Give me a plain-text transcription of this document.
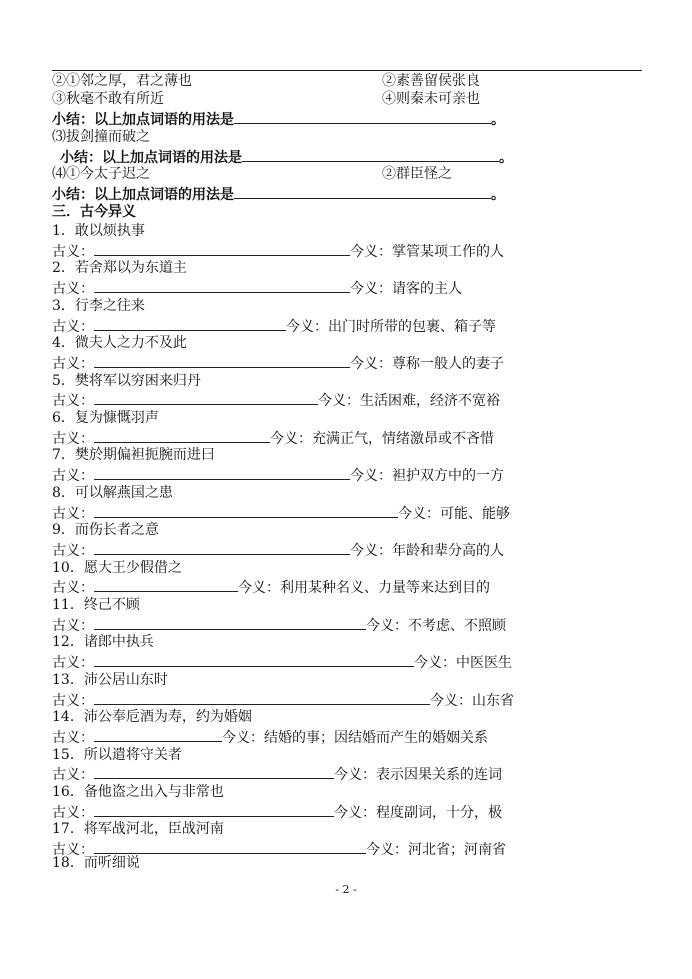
②①邻之厚，君之薄也	②素善留侯张良
③秋毫不敢有所近	④则秦未可亲也
小结：以上加点词语的用法是	。
⑶拔剑撞而破之
小结：以上加点词语的用法是	。
⑷①今太子迟之	②群臣怪之
小结：以上加点词语的用法是	。
三．古今异义
1．敢以烦执事
古义：	今义：掌管某项工作的人
2．若舍郑以为东道主
古义：	今义：请客的主人
3．行李之往来
古义：	今义：出门时所带的包裹、箱子等
4．微夫人之力不及此
古义：	今义：尊称一般人的妻子
5．樊将军以穷困来归丹
古义：	今义：生活困难，经济不宽裕
6．复为慷慨羽声
古义：	今义：充满正气，情绪激昂或不吝惜
7．樊於期偏袒扼腕而进曰
古义：	今义：袒护双方中的一方
8．可以解燕国之患
古义：	今义：可能、能够
9．而伤长者之意
古义：	今义：年龄和辈分高的人
10．愿大王少假借之
古义：	今义：利用某种名义、力量等来达到目的
11．终己不顾
古义：	今义：不考虑、不照顾
12．诸郎中执兵
古义：	今义：中医医生
13．沛公居山东时
古义：	今义：山东省
14．沛公奉卮酒为寿，约为婚姻
古义：	今义：结婚的事；因结婚而产生的婚姻关系
15．所以遣将守关者
古义：	今义：表示因果关系的连词
16．备他盗之出入与非常也
古义：	今义：程度副词，十分，极
17．将军战河北，臣战河南
古义：	今义：河北省；河南省
18．而听细说
- 2 -
